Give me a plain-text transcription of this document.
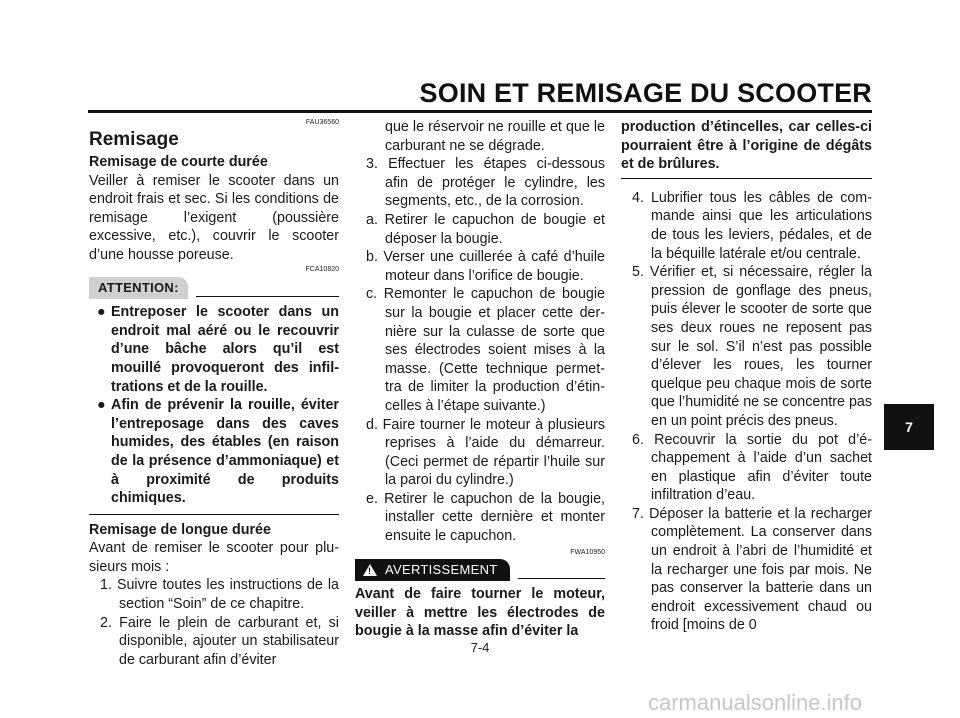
SOIN ET REMISAGE DU SCOOTER
FAU36560
Remisage
Remisage de courte durée

Veiller à remiser le scooter dans un endroit frais et sec. Si les conditions de remisage l’exigent (poussière excessive, etc.), couvrir le scooter d’une housse poreuse.

FCA10820
ATTENTION:
● Entreposer le scooter dans un endroit mal aéré ou le recouvrir d’une bâche alors qu’il est mouillé provoqueront des infiltrations et de la rouille.
● Afin de prévenir la rouille, éviter l’entreposage dans des caves humides, des étables (en raison de la présence d’ammoniaque) et à proximité de produits chimiques.
Remisage de longue durée

Avant de remiser le scooter pour plusieurs mois :

1. Suivre toutes les instructions de la section “Soin” de ce chapitre.
2. Faire le plein de carburant et, si disponible, ajouter un stabilisateur de carburant afin d’éviter

que le réservoir ne rouille et que le carburant ne se dégrade.

3. Effectuer les étapes ci-dessous afin de protéger le cylindre, les segments, etc., de la corrosion.
a. Retirer le capuchon de bougie et déposer la bougie.
b. Verser une cuillerée à café d’huile moteur dans l’orifice de bougie.
c. Remonter le capuchon de bougie sur la bougie et placer cette dernière sur la culasse de sorte que ses électrodes soient mises à la masse. (Cette technique permettra de limiter la production d’étincelles à l’étape suivante.)
d. Faire tourner le moteur à plusieurs reprises à l’aide du démarreur. (Ceci permet de répartir l’huile sur la paroi du cylindre.)
e. Retirer le capuchon de la bougie, installer cette dernière et monter ensuite le capuchon.
FWA10950
! AVERTISSEMENT

Avant de faire tourner le moteur, veiller à mettre les électrodes de bougie à la masse afin d’éviter la

production d’étincelles, car celles-ci pourraient être à l’origine de dégâts et de brûlures.

4. Lubrifier tous les câbles de commande ainsi que les articulations de tous les leviers, pédales, et de la béquille latérale et/ou centrale.
5. Vérifier et, si nécessaire, régler la pression de gonflage des pneus, puis élever le scooter de sorte que ses deux roues ne reposent pas sur le sol. S’il n’est pas possible d’élever les roues, les tourner quelque peu chaque mois de sorte que l’humidité ne se concentre pas en un point précis des pneus.
6. Recouvrir la sortie du pot d’échappement à l’aide d’un sachet en plastique afin d’éviter toute infiltration d’eau.
7. Déposer la batterie et la recharger complètement. La conserver dans un endroit à l’abri de l’humidité et la recharger une fois par mois. Ne pas conserver la batterie dans un endroit excessivement chaud ou froid [moins de 0
7
7-4
carmanualsonline.info
